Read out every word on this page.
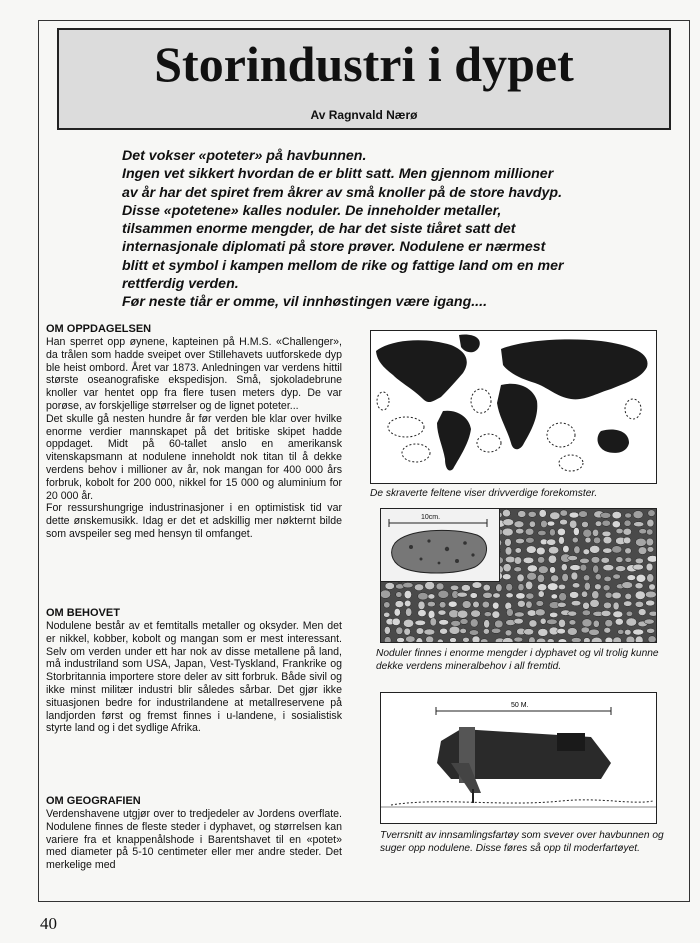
Storindustri i dypet
Av Ragnvald Nærø

Det vokser «poteter» på havbunnen.

Ingen vet sikkert hvordan de er blitt satt. Men gjennom millioner av år har det spiret frem åkrer av små knoller på de store havdyp. Disse «potetene» kalles noduler. De inneholder metaller, tilsammen enorme mengder, de har det siste tiåret satt det internasjonale diplomati på store prøver. Nodulene er nærmest blitt et symbol i kampen mellom de rike og fattige land om en mer rettferdig verden.

Før neste tiår er omme, vil innhøstingen være igang....

OM OPPDAGELSEN

Han sperret opp øynene, kapteinen på H.M.S. «Challenger», da trålen som hadde sveipet over Stillehavets uutforskede dyp ble heist ombord. Året var 1873. Anledningen var verdens hittil største oseanografiske ekspedisjon. Små, sjokoladebrune knoller var hentet opp fra flere tusen meters dyp. De var porøse, av forskjellige størrelser og de lignet poteter...

Det skulle gå nesten hundre år før verden ble klar over hvilke enorme verdier mannskapet på det britiske skipet hadde oppdaget. Midt på 60-tallet anslo en amerikansk vitenskapsmann at nodulene inneholdt nok titan til å dekke verdens behov i millioner av år, nok mangan for 400 000 års forbruk, kobolt for 200 000, nikkel for 15 000 og aluminium for 20 000 år.

For ressurshungrige industrinasjoner i en optimistisk tid var dette ønskemusikk. Idag er det et adskillig mer nøkternt bilde som avspeiler seg med hensyn til omfanget.

OM BEHOVET

Nodulene består av et femtitalls metaller og oksyder. Men det er nikkel, kobber, kobolt og mangan som er mest interessant. Selv om verden under ett har nok av disse metallene på land, må industriland som USA, Japan, Vest-Tyskland, Frankrike og Storbritannia importere store deler av sitt forbruk. Både sivil og ikke minst militær industri blir således sårbar. Det gjør ikke situasjonen bedre for industrilandene at metallreservene på landjorden først og fremst finnes i u-landene, i sosialistisk styrte land og i det sydlige Afrika.

OM GEOGRAFIEN

Verdenshavene utgjør over to tredjedeler av Jordens overflate. Nodulene finnes de fleste steder i dyphavet, og størrelsen kan variere fra et knappenålshode i Barentshavet til en «potet» med diameter på 5-10 centimeter eller mer andre steder. Det merkelige med

De skraverte feltene viser drivverdige forekomster.
10cm.
Noduler finnes i enorme mengder i dyphavet og vil trolig kunne dekke verdens mineralbehov i all fremtid.
50 M.
Tverrsnitt av innsamlingsfartøy som svever over havbunnen og suger opp nodulene. Disse føres så opp til moderfartøyet.
40
